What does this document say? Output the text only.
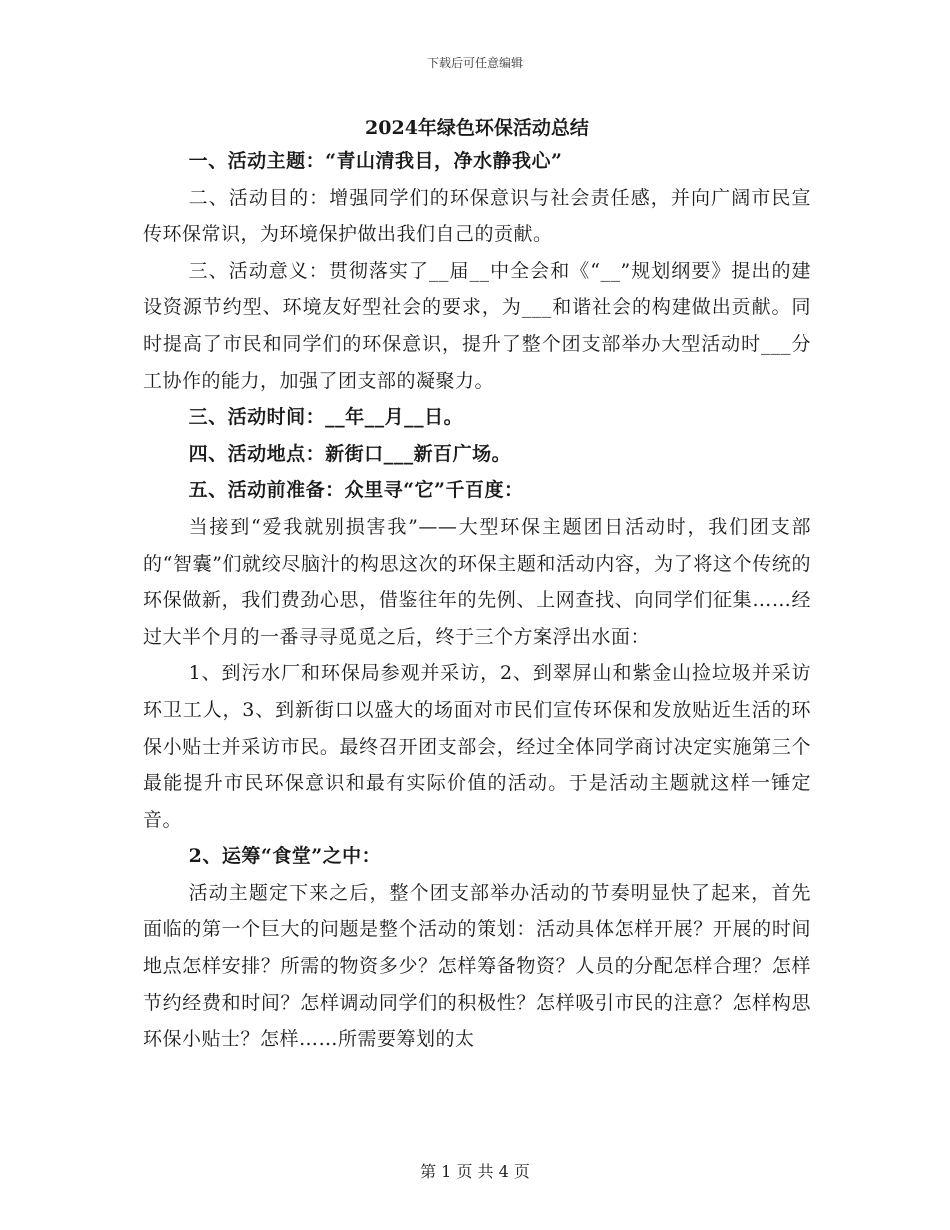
下载后可任意编辑
2024年绿色环保活动总结

一、活动主题：“青山清我目，净水静我心”

二、活动目的：增强同学们的环保意识与社会责任感，并向广阔市民宣传环保常识，为环境保护做出我们自己的贡献。

三、活动意义：贯彻落实了__届__中全会和《“__”规划纲要》提出的建设资源节约型、环境友好型社会的要求，为___和谐社会的构建做出贡献。同时提高了市民和同学们的环保意识，提升了整个团支部举办大型活动时___分工协作的能力，加强了团支部的凝聚力。

三、活动时间：__年__月__日。

四、活动地点：新街口___新百广场。

五、活动前准备：众里寻“它”千百度：

当接到“爱我就别损害我”——大型环保主题团日活动时，我们团支部的“智囊”们就绞尽脑汁的构思这次的环保主题和活动内容，为了将这个传统的环保做新，我们费劲心思，借鉴往年的先例、上网查找、向同学们征集……经过大半个月的一番寻寻觅觅之后，终于三个方案浮出水面：

1、到污水厂和环保局参观并采访，2、到翠屏山和紫金山捡垃圾并采访环卫工人，3、到新街口以盛大的场面对市民们宣传环保和发放贴近生活的环保小贴士并采访市民。最终召开团支部会，经过全体同学商讨决定实施第三个最能提升市民环保意识和最有实际价值的活动。于是活动主题就这样一锤定音。

2、运筹“食堂”之中：

活动主题定下来之后，整个团支部举办活动的节奏明显快了起来，首先面临的第一个巨大的问题是整个活动的策划：活动具体怎样开展？开展的时间地点怎样安排？所需的物资多少？怎样筹备物资？人员的分配怎样合理？怎样节约经费和时间？怎样调动同学们的积极性？怎样吸引市民的注意？怎样构思环保小贴士？怎样……所需要筹划的太

第 1 页 共 4 页
